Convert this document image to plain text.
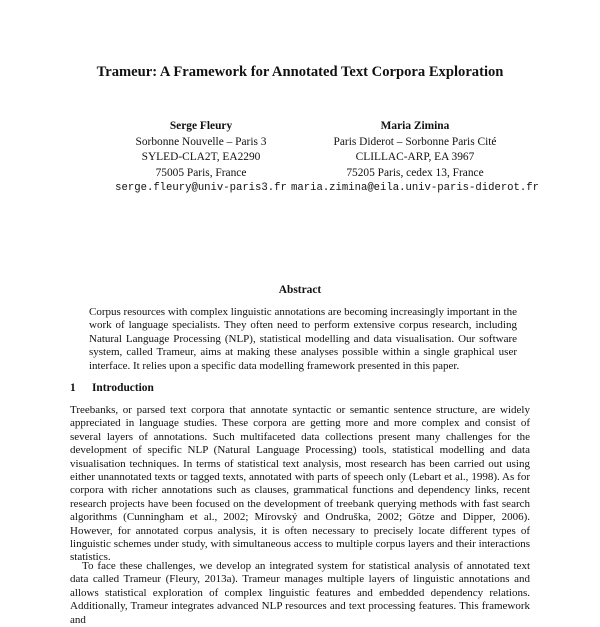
Trameur: A Framework for Annotated Text Corpora Exploration
Serge Fleury
Sorbonne Nouvelle – Paris 3
SYLED-CLA2T, EA2290
75005 Paris, France
serge.fleury@univ-paris3.fr
Maria Zimina
Paris Diderot – Sorbonne Paris Cité
CLILLAC-ARP, EA 3967
75205 Paris, cedex 13, France
maria.zimina@eila.univ-paris-diderot.fr
Abstract
Corpus resources with complex linguistic annotations are becoming increasingly important in the work of language specialists. They often need to perform extensive corpus research, including Natural Language Processing (NLP), statistical modelling and data visualisation. Our software system, called Trameur, aims at making these analyses possible within a single graphical user interface. It relies upon a specific data modelling framework presented in this paper.
1 Introduction

Treebanks, or parsed text corpora that annotate syntactic or semantic sentence structure, are widely appreciated in language studies. These corpora are getting more and more complex and consist of several layers of annotations. Such multifaceted data collections present many challenges for the development of specific NLP (Natural Language Processing) tools, statistical modelling and data visualisation techniques. In terms of statistical text analysis, most research has been carried out using either unannotated texts or tagged texts, annotated with parts of speech only (Lebart et al., 1998). As for corpora with richer annotations such as clauses, grammatical functions and dependency links, recent research projects have been focused on the development of treebank querying methods with fast search algorithms (Cunningham et al., 2002; Mírovský and Ondruška, 2002; Götze and Dipper, 2006). However, for annotated corpus analysis, it is often necessary to precisely locate different types of linguistic schemes under study, with simultaneous access to multiple corpus layers and their interactions statistics.

To face these challenges, we develop an integrated system for statistical analysis of annotated text data called Trameur (Fleury, 2013a). Trameur manages multiple layers of linguistic annotations and allows statistical exploration of complex linguistic features and embedded dependency relations. Additionally, Trameur integrates advanced NLP resources and text processing features. This framework and
